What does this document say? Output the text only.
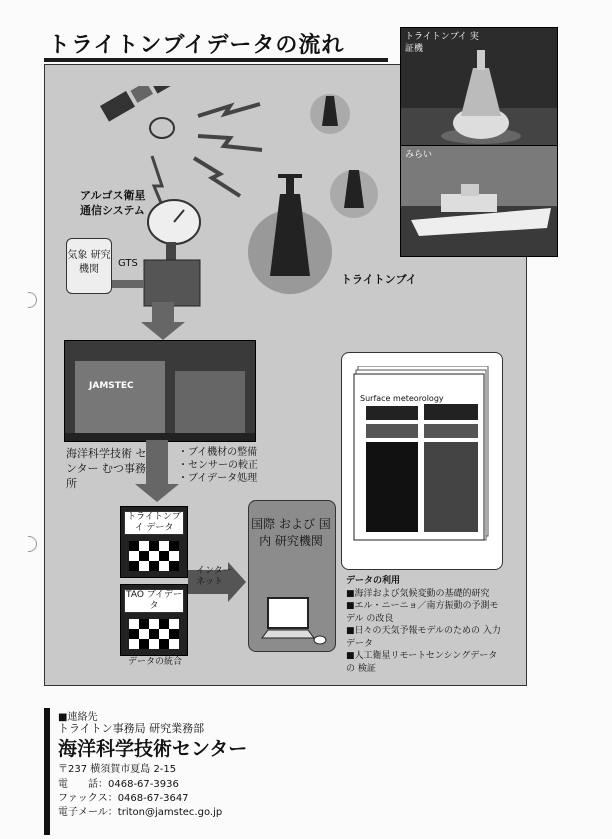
トライトンブイデータの流れ	トライトンブイ 実証機
みらい
トライトンブイ
アルゴス衛星 通信システム
気象 研究機関
GTS
JAMSTEC
海洋科学技術 センター むつ事務所
・ブイ機材の整備
・センサーの較正
・ブイデータ処理
トライトンブイ データ
TAO ブイデータ
データの統合
インター ネット
国際 および 国内 研究機関
Surface meteorology
データの利用
■海洋および気候変動の基礎的研究
■エル・ニーニョ／南方振動の予測モデル の改良
■日々の天気予報モデルのための 入力データ
■人工衛星リモートセンシングデータの 検証
■連絡先
トライトン事務局 研究業務部
海洋科学技術センター
〒237 横須賀市夏島 2-15
電　　話：0468-67-3936
ファックス：0468-67-3647
電子メール：triton@jamstec.go.jp
